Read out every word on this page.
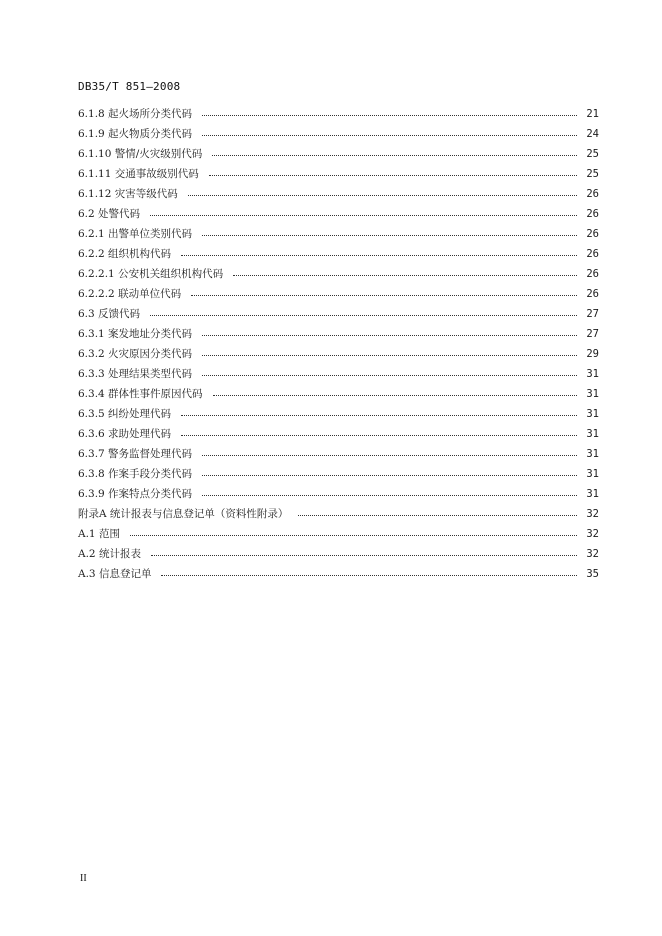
DB35/T 851—2008
6.1.8 起火场所分类代码	21
6.1.9 起火物质分类代码	24
6.1.10 警情/火灾级别代码	25
6.1.11 交通事故级别代码	25
6.1.12 灾害等级代码	26
6.2 处警代码	26
6.2.1 出警单位类别代码	26
6.2.2 组织机构代码	26
6.2.2.1 公安机关组织机构代码	26
6.2.2.2 联动单位代码	26
6.3 反馈代码	27
6.3.1 案发地址分类代码	27
6.3.2 火灾原因分类代码	29
6.3.3 处理结果类型代码	31
6.3.4 群体性事件原因代码	31
6.3.5 纠纷处理代码	31
6.3.6 求助处理代码	31
6.3.7 警务监督处理代码	31
6.3.8 作案手段分类代码	31
6.3.9 作案特点分类代码	31
附录A 统计报表与信息登记单（资料性附录）	32
A.1 范围	32
A.2 统计报表	32
A.3 信息登记单	35
II
